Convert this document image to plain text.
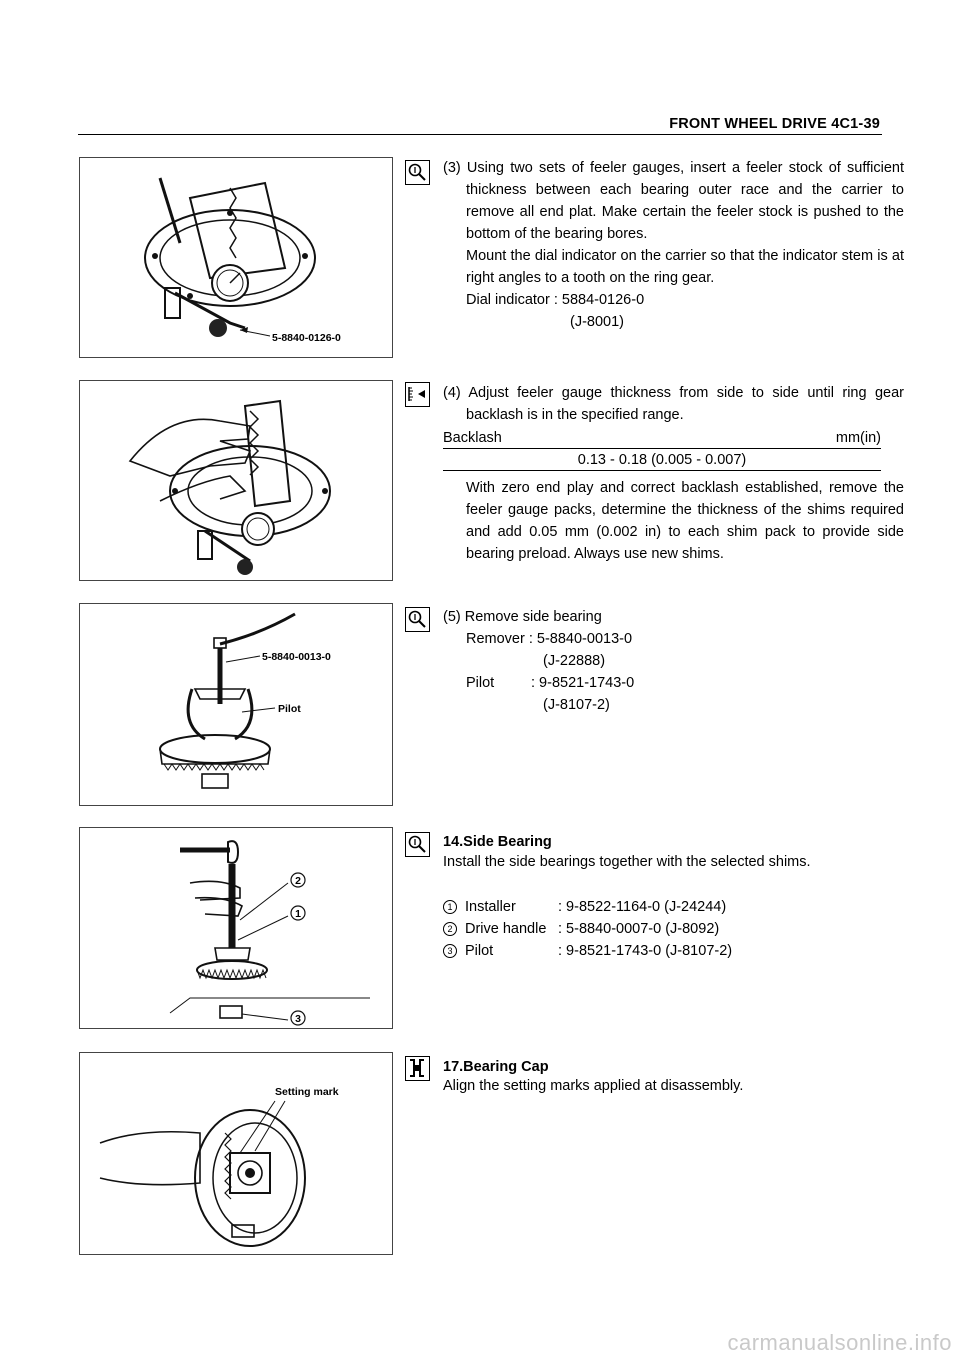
FRONT WHEEL DRIVE 4C1-39
5-8840-0126-0
(3) Using two sets of feeler gauges, insert a feeler stock of sufficient thickness between each bearing outer race and the carrier to remove all end plat. Make certain the feeler stock is pushed to the bottom of the bearing bores.
Mount the dial indicator on the carrier so that the indicator stem is at right angles to a tooth on the ring gear.
Dial indicator : 5884-0126-0
(J-8001)
(4) Adjust feeler gauge thickness from side to side until ring gear backlash is in the specified range.
Backlash	mm(in)
0.13 - 0.18 (0.005 - 0.007)
With zero end play and correct backlash established, remove the feeler gauge packs, determine the thickness of the shims required and add 0.05 mm (0.002 in) to each shim pack to provide side bearing preload. Always use new shims.
5-8840-0013-0
Pilot
(5) Remove side bearing
Remover : 5-8840-0013-0
(J-22888)
Pilot	: 9-8521-1743-0
(J-8107-2)
2
1
3
14.Side Bearing
Install the side bearings together with the selected shims.
1 Installer	: 9-8522-1164-0 (J-24244)
2 Drive handle : 5-8840-0007-0 (J-8092)
3 Pilot	: 9-8521-1743-0 (J-8107-2)
Setting mark
17.Bearing Cap
Align the setting marks applied at disassembly.
carmanualsonline.info
